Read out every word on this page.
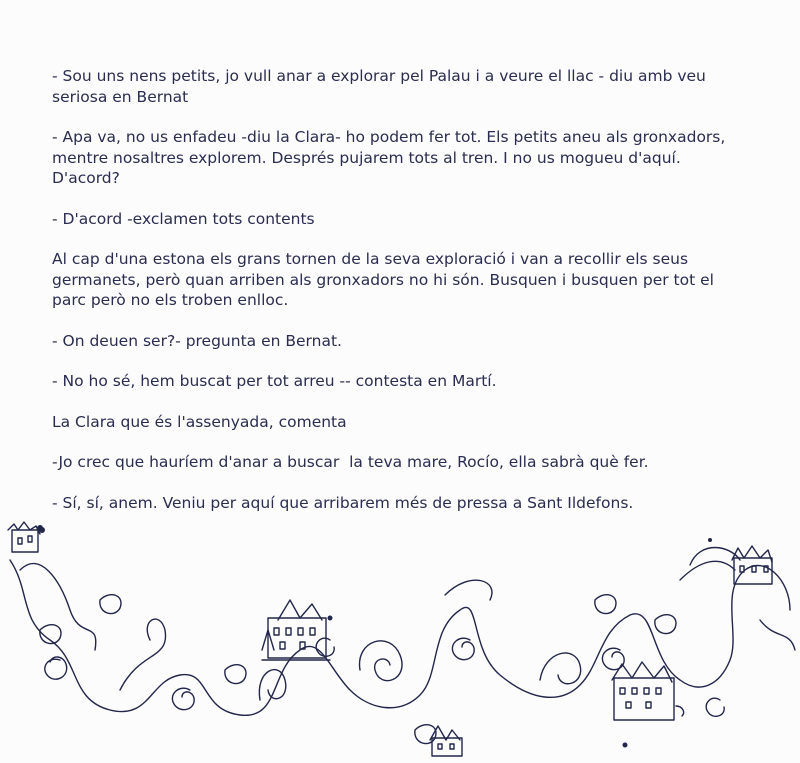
- Sou uns nens petits, jo vull anar a explorar pel Palau i a veure el llac - diu amb veu
seriosa en Bernat

- Apa va, no us enfadeu -diu la Clara- ho podem fer tot. Els petits aneu als gronxadors,
mentre nosaltres explorem. Després pujarem tots al tren. I no us mogueu d'aquí.
D'acord?

- D'acord -exclamen tots contents

Al cap d'una estona els grans tornen de la seva exploració i van a recollir els seus
germanets, però quan arriben als gronxadors no hi són. Busquen i busquen per tot el
parc però no els troben enlloc.

- On deuen ser?- pregunta en Bernat.

- No ho sé, hem buscat per tot arreu -- contesta en Martí.

La Clara que és l'assenyada, comenta

-Jo crec que hauríem d'anar a buscar  la teva mare, Rocío, ella sabrà què fer.

- Sí, sí, anem. Veniu per aquí que arribarem més de pressa a Sant Ildefons.
